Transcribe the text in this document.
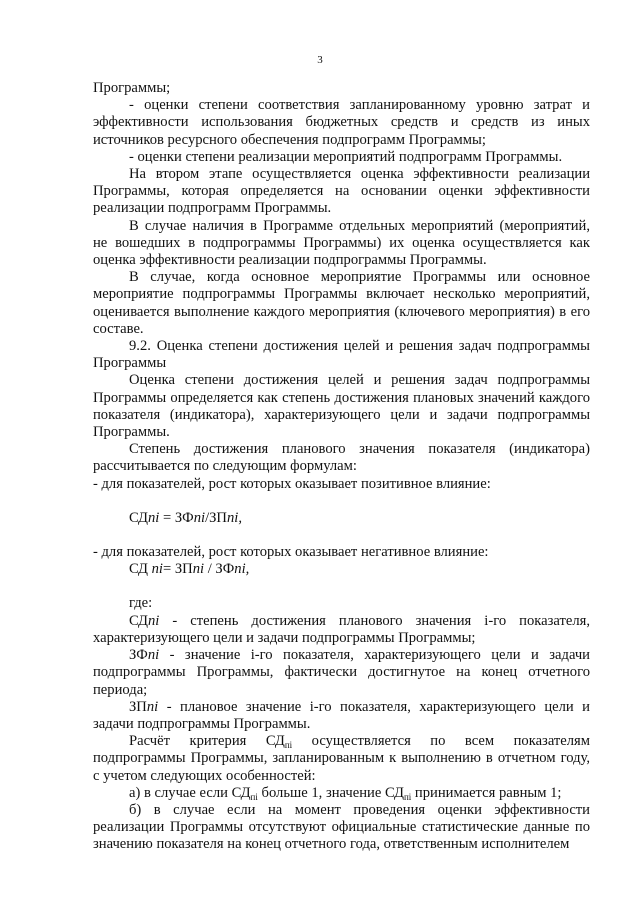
3

Программы;

- оценки степени соответствия запланированному уровню затрат и эффективности использования бюджетных средств и средств из иных источников ресурсного обеспечения подпрограмм Программы;

- оценки степени реализации мероприятий подпрограмм Программы.

На втором этапе осуществляется оценка эффективности реализации Программы, которая определяется на основании оценки эффективности реализации подпрограмм Программы.

В случае наличия в Программе отдельных мероприятий (мероприятий, не вошедших в подпрограммы Программы) их оценка осуществляется как оценка эффективности реализации подпрограммы Программы.

В случае, когда основное мероприятие Программы или основное мероприятие подпрограммы Программы включает несколько мероприятий, оценивается выполнение каждого мероприятия (ключевого мероприятия) в его составе.

9.2. Оценка степени достижения целей и решения задач подпрограммы Программы

Оценка степени достижения целей и решения задач подпрограммы Программы определяется как степень достижения плановых значений каждого показателя (индикатора), характеризующего цели и задачи подпрограммы Программы.

Степень достижения планового значения показателя (индикатора) рассчитывается по следующим формулам:

- для показателей, рост которых оказывает позитивное влияние:

СДпi = ЗФпi/ЗПпi,

- для показателей, рост которых оказывает негативное влияние:

СД пi= ЗПпi / ЗФпi,

где:

СДпi - степень достижения планового значения i-го показателя, характеризующего цели и задачи подпрограммы Программы;

ЗФпi - значение i-го показателя, характеризующего цели и задачи подпрограммы Программы, фактически достигнутое на конец отчетного периода;

ЗПпi - плановое значение i-го показателя, характеризующего цели и задачи подпрограммы Программы.

Расчёт критерия $СД_{пi}$ осуществляется по всем показателям подпрограммы Программы, запланированным к выполнению в отчетном году, с учетом следующих особенностей:

а) в случае если $СД_{пi}$ больше 1, значение $СД_{пi}$ принимается равным 1;

б) в случае если на момент проведения оценки эффективности реализации Программы отсутствуют официальные статистические данные по значению показателя на конец отчетного года, ответственным исполнителем
